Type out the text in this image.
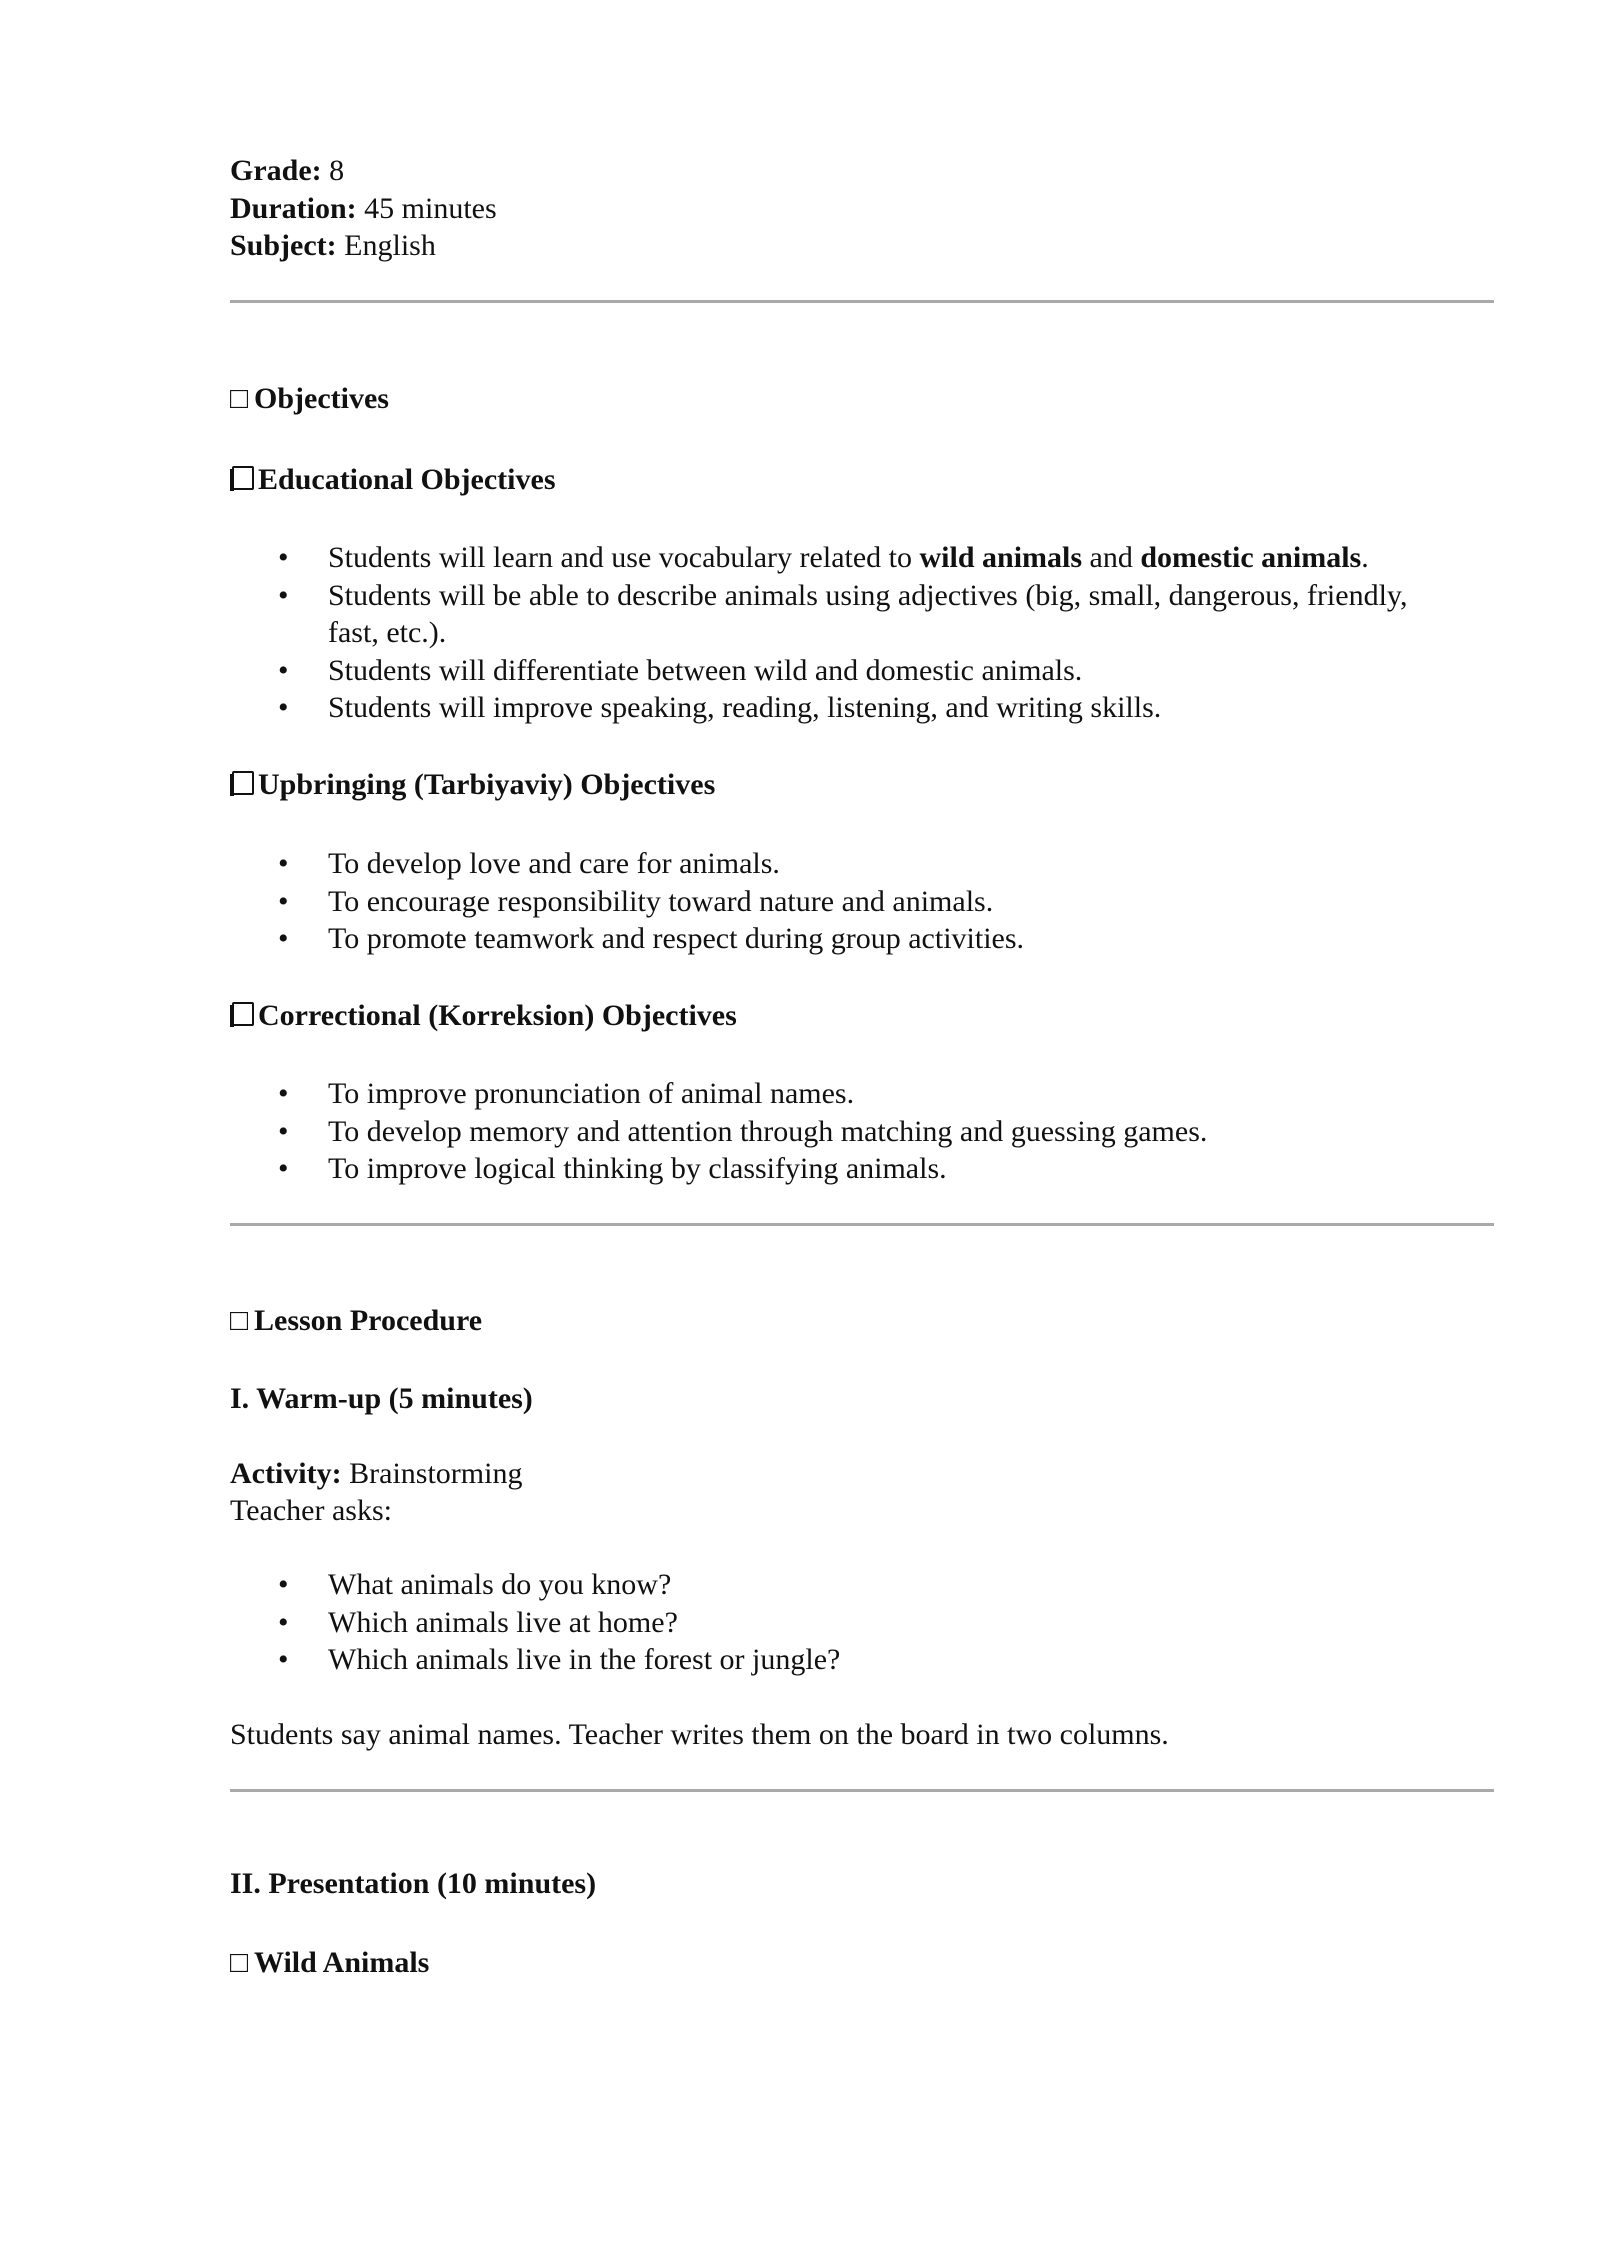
Grade: 8
Duration: 45 minutes
Subject: English
□ Objectives
Educational Objectives
• Students will learn and use vocabulary related to wild animals and domestic animals.
• Students will be able to describe animals using adjectives (big, small, dangerous, friendly, fast, etc.).
• Students will differentiate between wild and domestic animals.
• Students will improve speaking, reading, listening, and writing skills.
Upbringing (Tarbiyaviy) Objectives
• To develop love and care for animals.
• To encourage responsibility toward nature and animals.
• To promote teamwork and respect during group activities.
Correctional (Korreksion) Objectives
• To improve pronunciation of animal names.
• To develop memory and attention through matching and guessing games.
• To improve logical thinking by classifying animals.
□ Lesson Procedure
I. Warm-up (5 minutes)
Activity: Brainstorming
Teacher asks:
• What animals do you know?
• Which animals live at home?
• Which animals live in the forest or jungle?

Students say animal names. Teacher writes them on the board in two columns.

II. Presentation (10 minutes)
□ Wild Animals
